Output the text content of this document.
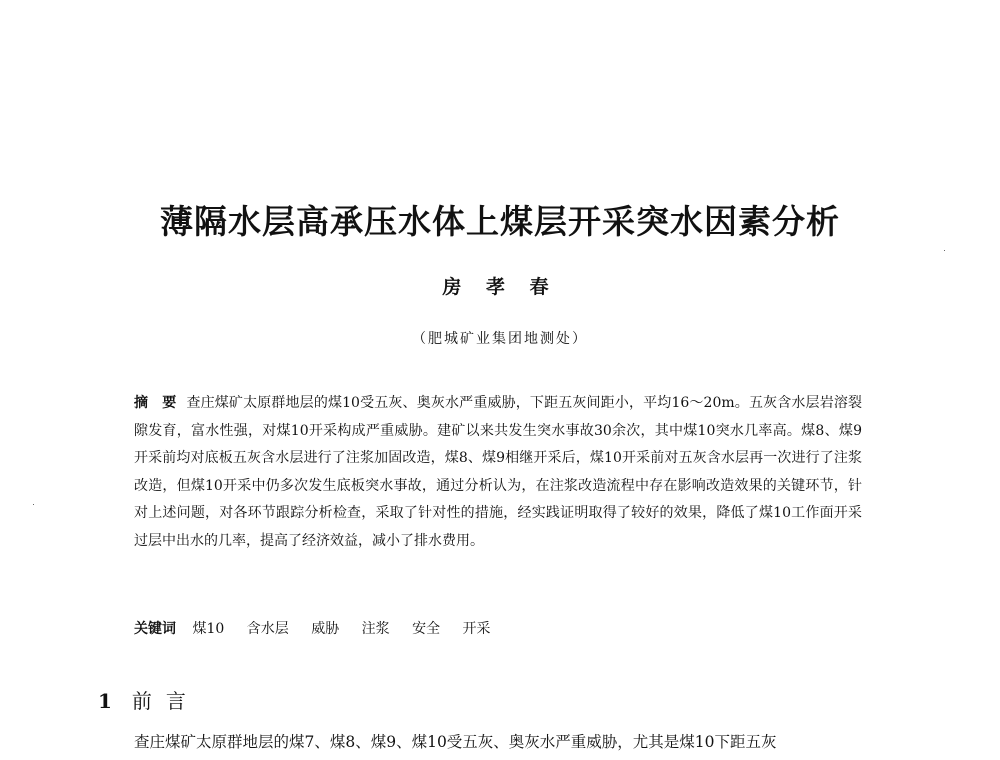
薄隔水层高承压水体上煤层开采突水因素分析
房 孝 春
（肥城矿业集团地测处）
摘　要 查庄煤矿太原群地层的煤10受五灰、奥灰水严重威胁，下距五灰间距小，平均16～20m。五灰含水层岩溶裂隙发育，富水性强，对煤10开采构成严重威胁。建矿以来共发生突水事故30余次，其中煤10突水几率高。煤8、煤9开采前均对底板五灰含水层进行了注浆加固改造，煤8、煤9相继开采后，煤10开采前对五灰含水层再一次进行了注浆改造，但煤10开采中仍多次发生底板突水事故，通过分析认为，在注浆改造流程中存在影响改造效果的关键环节，针对上述问题，对各环节跟踪分析检查，采取了针对性的措施，经实践证明取得了较好的效果，降低了煤10工作面开采过层中出水的几率，提高了经济效益，减小了排水费用。
关键词 煤10 含水层 威胁 注浆 安全 开采
1 前言
查庄煤矿太原群地层的煤7、煤8、煤9、煤10受五灰、奥灰水严重威胁，尤其是煤10下距五灰
